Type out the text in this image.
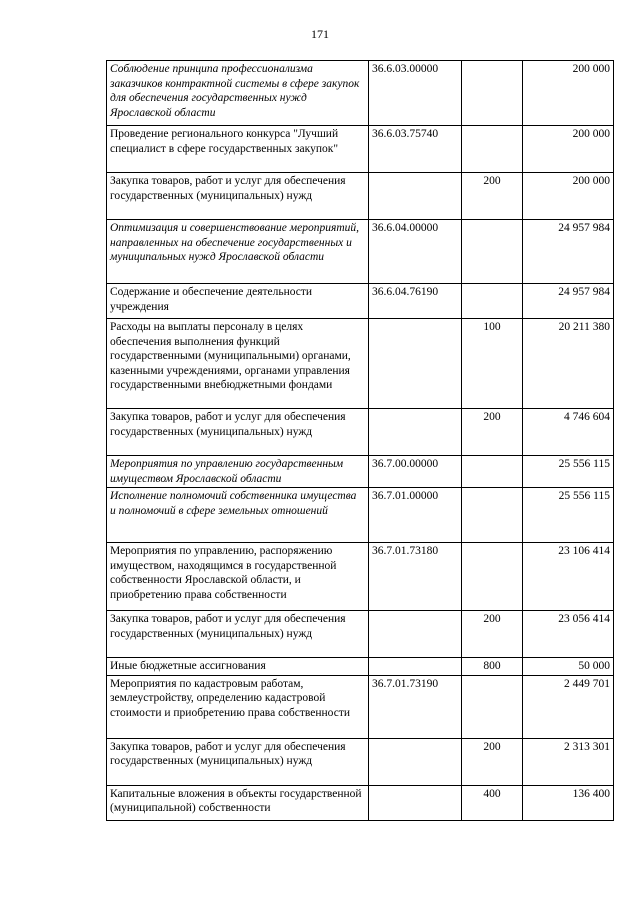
171
Соблюдение принципа профессионализма заказчиков контрактной системы в сфере закупок для обеспечения государственных нужд Ярославской области	36.6.03.00000		200 000
Проведение регионального конкурса "Лучший специалист в сфере государственных закупок"	36.6.03.75740		200 000
Закупка товаров, работ и услуг для обеспечения государственных (муниципальных) нужд		200	200 000
Оптимизация и совершенствование мероприятий, направленных на обеспечение государственных и муниципальных нужд Ярославской области	36.6.04.00000		24 957 984
Содержание и обеспечение деятельности учреждения	36.6.04.76190		24 957 984
Расходы на выплаты персоналу в целях обеспечения выполнения функций государственными (муниципальными) органами, казенными учреждениями, органами управления государственными внебюджетными фондами		100	20 211 380
Закупка товаров, работ и услуг для обеспечения государственных (муниципальных) нужд		200	4 746 604
Мероприятия по управлению государственным имуществом Ярославской области	36.7.00.00000		25 556 115
Исполнение полномочий собственника имущества и полномочий в сфере земельных отношений	36.7.01.00000		25 556 115
Мероприятия по управлению, распоряжению имуществом, находящимся в государственной собственности Ярославской области, и приобретению права собственности	36.7.01.73180		23 106 414
Закупка товаров, работ и услуг для обеспечения государственных (муниципальных) нужд		200	23 056 414
Иные бюджетные ассигнования		800	50 000
Мероприятия по кадастровым работам, землеустройству, определению кадастровой стоимости и приобретению права собственности	36.7.01.73190		2 449 701
Закупка товаров, работ и услуг для обеспечения государственных (муниципальных) нужд		200	2 313 301
Капитальные вложения в объекты государственной (муниципальной) собственности		400	136 400
